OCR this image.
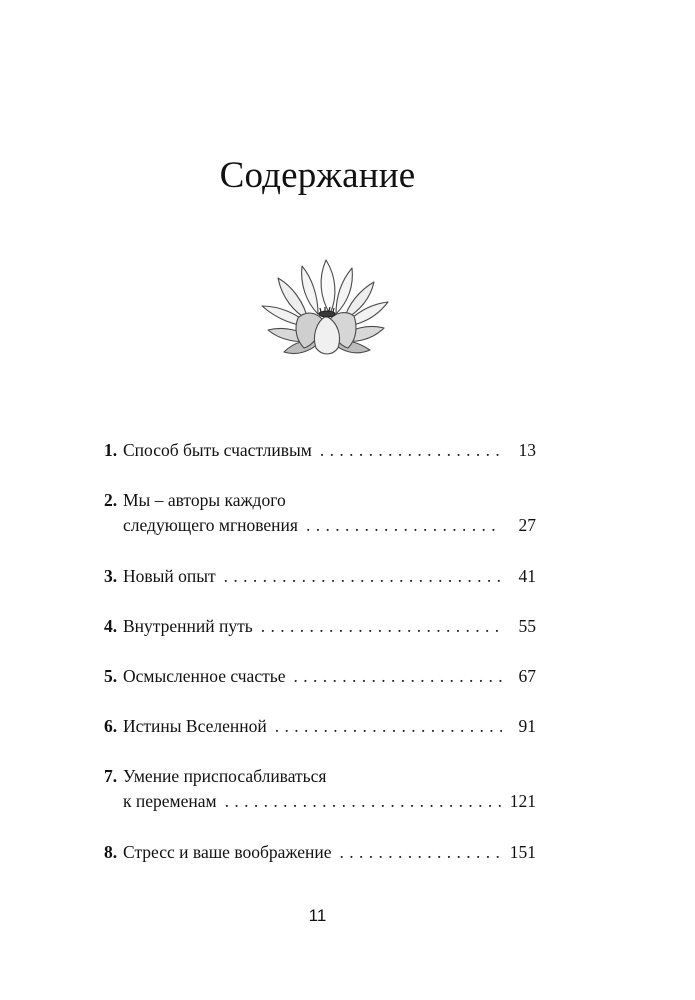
Содержание
1. Способ быть счастливым . . .	13
2. Мы – авторы каждого
следующего мгновения . . .	27
3. Новый опыт . . .	41
4. Внутренний путь . . .	55
5. Осмысленное счастье . . .	67
6. Истины Вселенной . . .	91
7. Умение приспосабливаться
к переменам . . .	121
8. Стресс и ваше воображение . . .	151
11
